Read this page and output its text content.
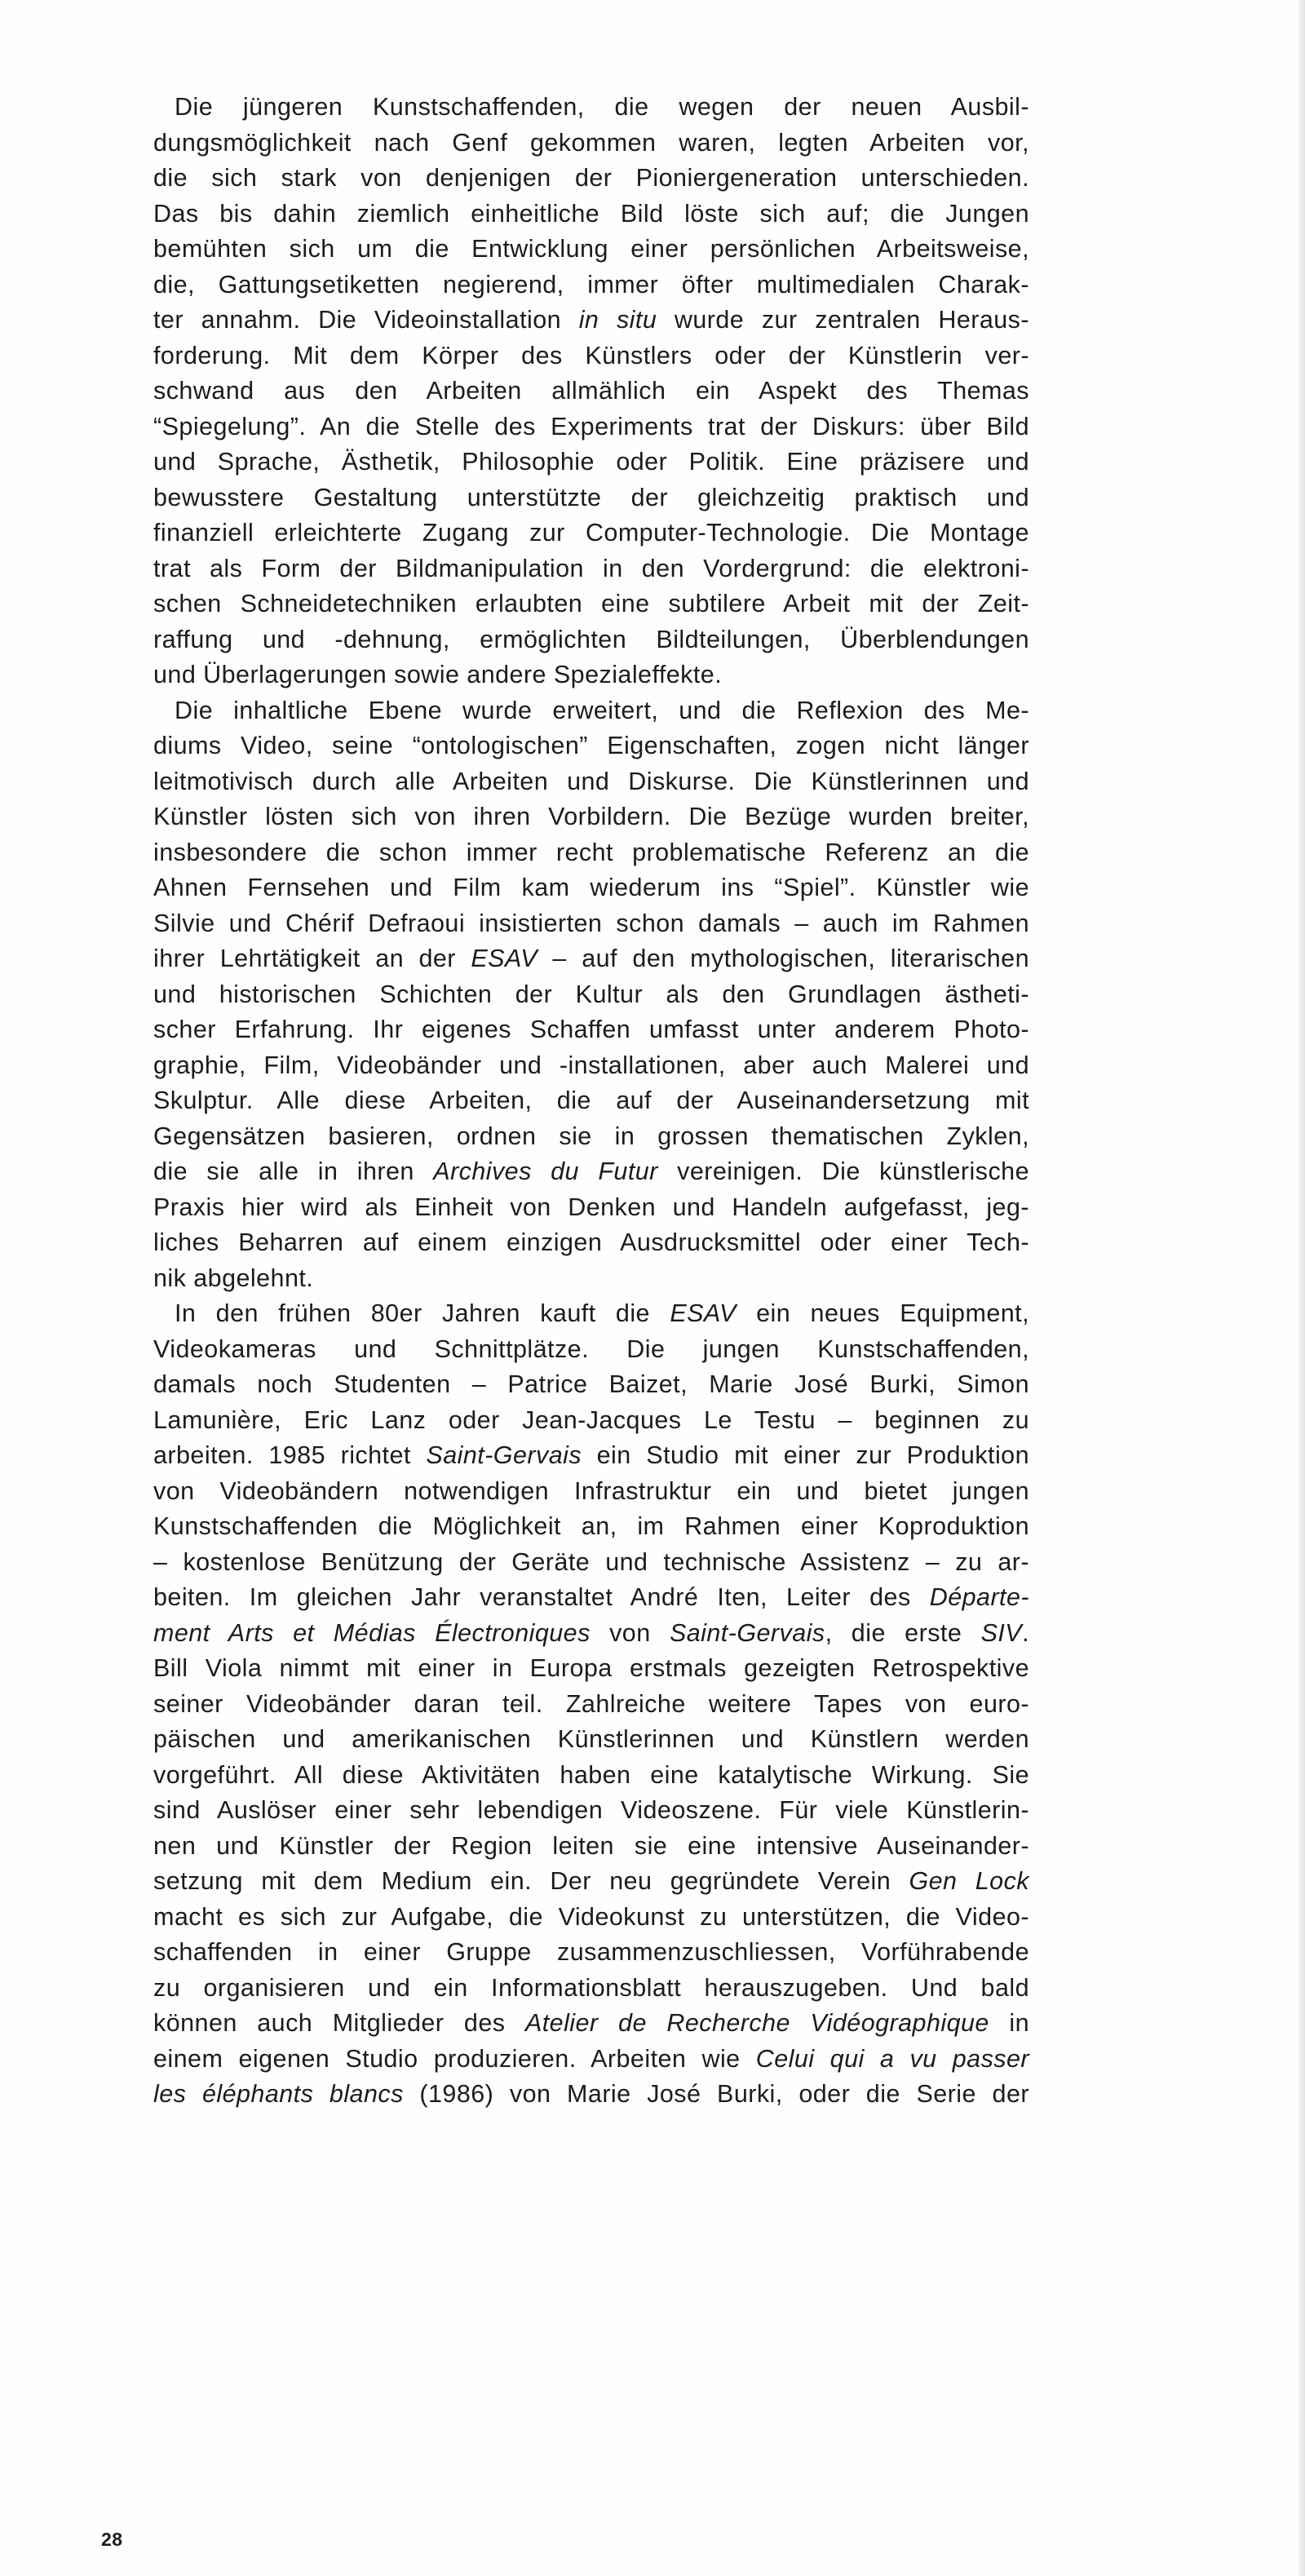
Die jüngeren Kunstschaffenden, die wegen der neuen Ausbil-
dungsmöglichkeit nach Genf gekommen waren, legten Arbeiten vor,
die sich stark von denjenigen der Pioniergeneration unterschieden.
Das bis dahin ziemlich einheitliche Bild löste sich auf; die Jungen
bemühten sich um die Entwicklung einer persönlichen Arbeitsweise,
die, Gattungsetiketten negierend, immer öfter multimedialen Charak-
ter annahm. Die Videoinstallation in situ wurde zur zentralen Heraus-
forderung. Mit dem Körper des Künstlers oder der Künstlerin ver-
schwand aus den Arbeiten allmählich ein Aspekt des Themas
“Spiegelung”. An die Stelle des Experiments trat der Diskurs: über Bild
und Sprache, Ästhetik, Philosophie oder Politik. Eine präzisere und
bewusstere Gestaltung unterstützte der gleichzeitig praktisch und
finanziell erleichterte Zugang zur Computer-Technologie. Die Montage
trat als Form der Bildmanipulation in den Vordergrund: die elektroni-
schen Schneidetechniken erlaubten eine subtilere Arbeit mit der Zeit-
raffung und -dehnung, ermöglichten Bildteilungen, Überblendungen
und Überlagerungen sowie andere Spezialeffekte.
Die inhaltliche Ebene wurde erweitert, und die Reflexion des Me-
diums Video, seine “ontologischen” Eigenschaften, zogen nicht länger
leitmotivisch durch alle Arbeiten und Diskurse. Die Künstlerinnen und
Künstler lösten sich von ihren Vorbildern. Die Bezüge wurden breiter,
insbesondere die schon immer recht problematische Referenz an die
Ahnen Fernsehen und Film kam wiederum ins “Spiel”. Künstler wie
Silvie und Chérif Defraoui insistierten schon damals – auch im Rahmen
ihrer Lehrtätigkeit an der ESAV – auf den mythologischen, literarischen
und historischen Schichten der Kultur als den Grundlagen ästheti-
scher Erfahrung. Ihr eigenes Schaffen umfasst unter anderem Photo-
graphie, Film, Videobänder und -installationen, aber auch Malerei und
Skulptur. Alle diese Arbeiten, die auf der Auseinandersetzung mit
Gegensätzen basieren, ordnen sie in grossen thematischen Zyklen,
die sie alle in ihren Archives du Futur vereinigen. Die künstlerische
Praxis hier wird als Einheit von Denken und Handeln aufgefasst, jeg-
liches Beharren auf einem einzigen Ausdrucksmittel oder einer Tech-
nik abgelehnt.
In den frühen 80er Jahren kauft die ESAV ein neues Equipment,
Videokameras und Schnittplätze. Die jungen Kunstschaffenden,
damals noch Studenten – Patrice Baizet, Marie José Burki, Simon
Lamunière, Eric Lanz oder Jean-Jacques Le Testu – beginnen zu
arbeiten. 1985 richtet Saint-Gervais ein Studio mit einer zur Produktion
von Videobändern notwendigen Infrastruktur ein und bietet jungen
Kunstschaffenden die Möglichkeit an, im Rahmen einer Koproduktion
– kostenlose Benützung der Geräte und technische Assistenz – zu ar-
beiten. Im gleichen Jahr veranstaltet André Iten, Leiter des Départe-
ment Arts et Médias Électroniques von Saint-Gervais, die erste SIV.
Bill Viola nimmt mit einer in Europa erstmals gezeigten Retrospektive
seiner Videobänder daran teil. Zahlreiche weitere Tapes von euro-
päischen und amerikanischen Künstlerinnen und Künstlern werden
vorgeführt. All diese Aktivitäten haben eine katalytische Wirkung. Sie
sind Auslöser einer sehr lebendigen Videoszene. Für viele Künstlerin-
nen und Künstler der Region leiten sie eine intensive Auseinander-
setzung mit dem Medium ein. Der neu gegründete Verein Gen Lock
macht es sich zur Aufgabe, die Videokunst zu unterstützen, die Video-
schaffenden in einer Gruppe zusammenzuschliessen, Vorführabende
zu organisieren und ein Informationsblatt herauszugeben. Und bald
können auch Mitglieder des Atelier de Recherche Vidéographique in
einem eigenen Studio produzieren. Arbeiten wie Celui qui a vu passer
les éléphants blancs (1986) von Marie José Burki, oder die Serie der
28
